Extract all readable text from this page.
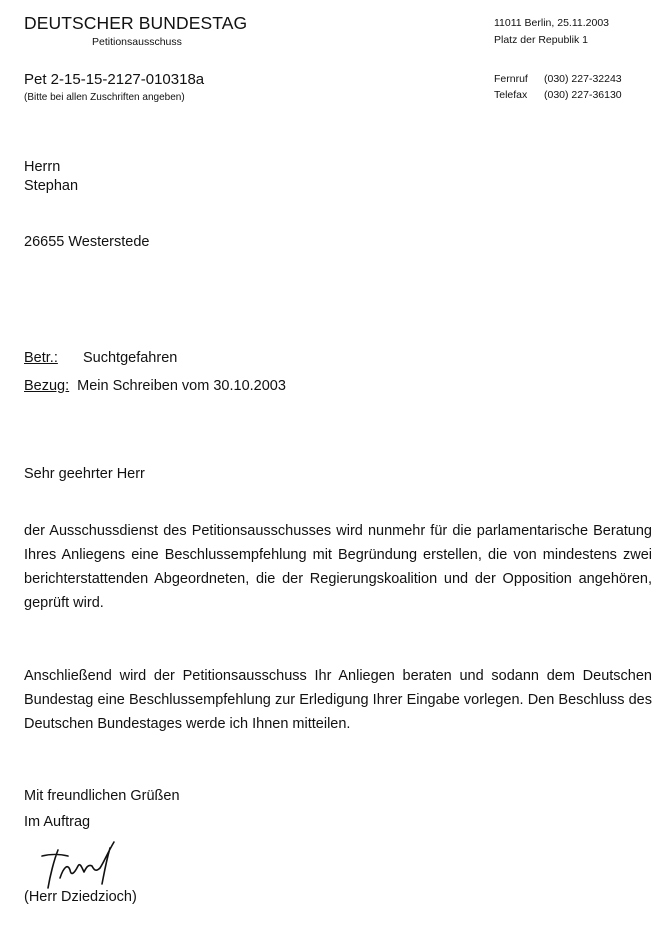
DEUTSCHER BUNDESTAG
Petitionsausschuss
Pet 2-15-15-2127-010318a
(Bitte bei allen Zuschriften angeben)
11011 Berlin, 25.11.2003
Platz der Republik 1
Fernruf (030) 227-32243
Telefax (030) 227-36130
Herrn
Stephan
26655 Westerstede
Betr.: Suchtgefahren
Bezug: Mein Schreiben vom 30.10.2003
Sehr geehrter Herr

der Ausschussdienst des Petitionsausschusses wird nunmehr für die parlamentarische Beratung Ihres Anliegens eine Beschlussempfehlung mit Begründung erstellen, die von mindestens zwei berichterstattenden Abgeordneten, die der Regierungskoalition und der Opposition angehören, geprüft wird.

Anschließend wird der Petitionsausschuss Ihr Anliegen beraten und sodann dem Deutschen Bundestag eine Beschlussempfehlung zur Erledigung Ihrer Eingabe vorlegen. Den Beschluss des Deutschen Bundestages werde ich Ihnen mitteilen.

Mit freundlichen Grüßen
Im Auftrag
(Herr Dziedzioch)
